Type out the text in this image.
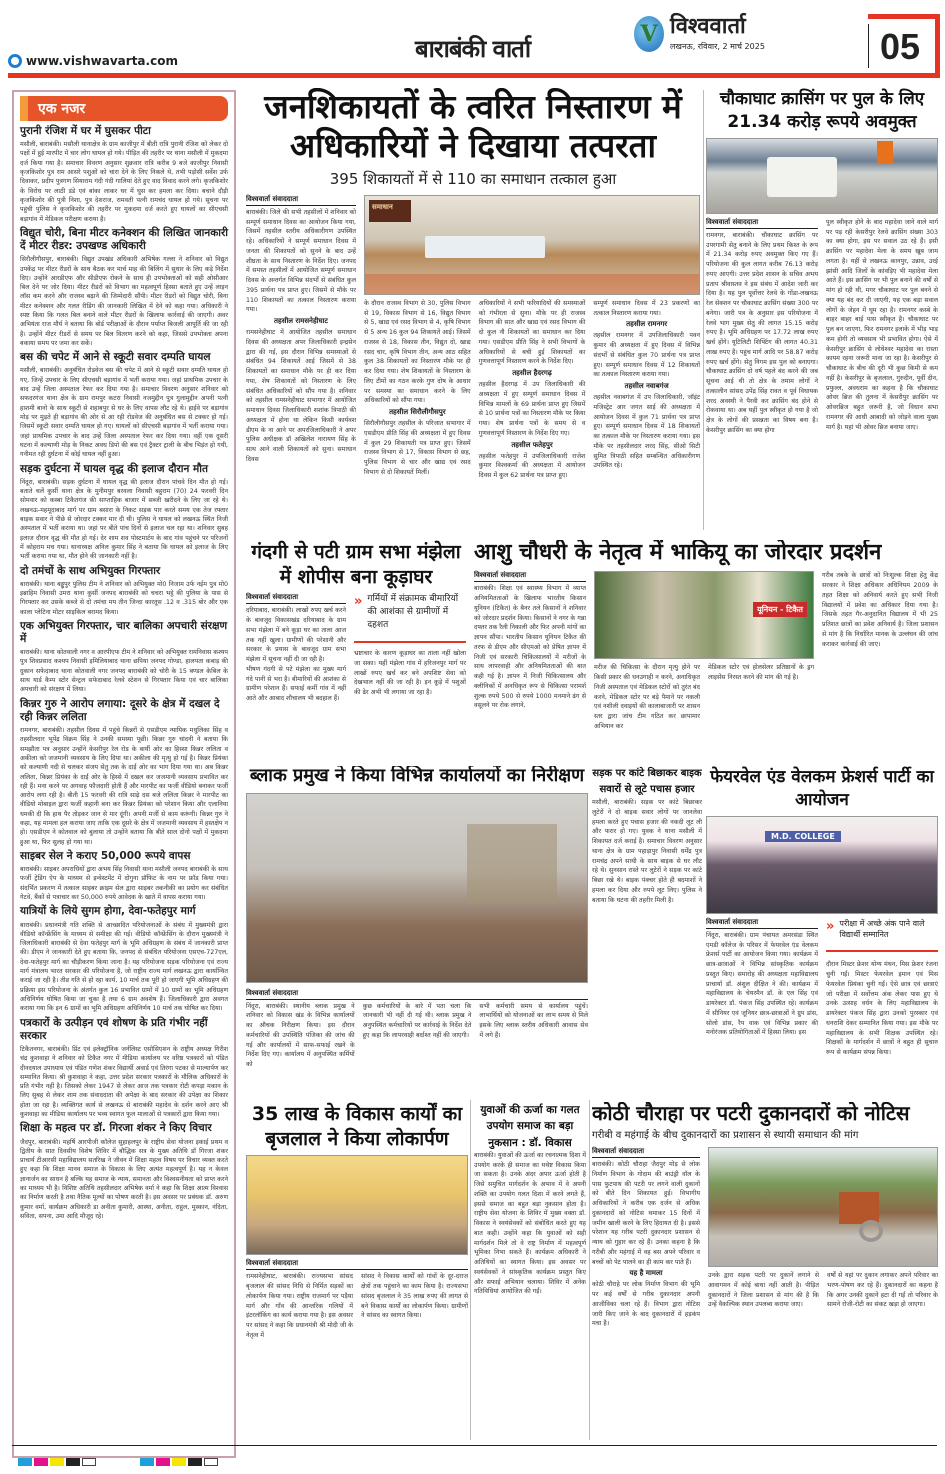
www.vishwavarta.com	बाराबंकी वार्ता
V विश्ववार्ता
लखनऊ, रविवार, 2 मार्च 2025	05
एक नजर
पुरानी रंजिश में घर में घुसकर पीटा

मसौली, बाराबंकी। मसौली थानाक्षेत्र के ग्राम काजीपुर में बीती रात्रि पुरानी रंजिश को लेकर दो पक्षों में हुई मारपीट में चार लोग घायल हो गये। पीड़ित की तहरीर पर थाना मसौली में मुकदमा दर्ज किया गया है। समाचार विवरण अनुसार शुक्रवार रात्रि करीब 9 बजे काजीपुर निवासी कृजकिशोर पुत्र राम आसरे पशुओं को चारा देने के लिए निकले थे, तभी पड़ोसी सर्वेश उर्फ दिवाकर, प्रदीप पुत्रगण सियाराम गंदी गंदी गालियां देते हुए वाद विवाद करने लगे। कृजकिशोर के विरोध पर लाठी डंडे एवं बांका लाकर घर में घुस कर हमला कर दिया। बचाने दौड़ी कृजकिशोर की पुत्री निशा, पुत्र देशराज, रामवती पत्नी रामचंद घायल हो गये। सूचना पर पहुंची पुलिस ने कृजकिशोर की तहरीर पर मुकदमा दर्ज करते हुए घायलों का सीएचसी बड़ागांव में मेडिकल परीक्षण कराया है।

विद्युत चोरी, बिना मीटर कनेक्शन की लिखित जानकारी दें मीटर रीडर: उपखण्ड अधिकारी

सिरौलीगौसपुर, बाराबंकी। विद्युत उपखंड अधिकारी अभिषेक गल्ला ने शनिवार को विद्युत उपकेंद्र पर मीटर रीडरों के साथ बैठक कर मार्च माह की बिलिंग में सुधार के लिए कड़े निर्देश दिए। उन्होंने आरडीएफ और सीडीएफ रोकने के साथ ही उपभोक्ताओं को सही ओसीआर बिल देने पर जोर दिया। मीटर रीडरों को विभाग का महत्वपूर्ण हिस्सा बताते हुए उन्हें लाइन लॉस कम करने और राजस्व बढ़ाने की जिम्मेदारी सौंपी। मीटर रीडरों को विद्युत चोरी, बिना मीटर कनेक्शन और गलत रीडिंग की जानकारी लिखित में देने को कहा गया। अधिकारी ने स्पष्ट किया कि गलत बिल बनाने वाले मीटर रीडरों के खिलाफ कार्रवाई की जाएगी। अवर अभियंता राज मौर्य ने बताया कि बोर्ड परीक्षाओं के दौरान पर्याप्त बिजली आपूर्ति की जा रही है। उन्होंने मीटर रीडरों से समय पर बिल वितरण करने को कहा, जिससे उपभोक्ता अपना बकाया समय पर जमा कर सकें।

बस की चपेट में आने से स्कूटी सवार दम्पति घायल

मसौली, बाराबंकी। अनुबंधित रोडवेज बस की चपेट में आने से स्कूटी सवार दम्पति घायल हो गए, जिन्हें उपचार के लिए सीएचसी बड़ागांव में भर्ती कराया गया। जहां प्राथमिक उपचार के बाद उन्हें जिला अस्पताल रेफर कर दिया गया है। समाचार विवरण अनुसार शनिवार को सफदरगंज थाना क्षेत्र के ग्राम रामपुर कटरा निवासी नजमुद्दीन पुत्र गुलामुद्दीन अपनी पत्नी हाशमी बानो के साथ स्कूटी से शहाबपुर से घर के लिए वापस लौट रहे थे। हाईवे पर बड़ागांव मोड़ पर मुड़ते ही बड़ागांव की ओर से आ रही रोडवेज की अनुबंधित बस से टक्कर हो गई। जिसमें स्कूटी सवार दम्पति घायल हो गए। घायलों को सीएचसी बड़ागांव में भर्ती कराया गया। जहां प्राथमिक उपचार के बाद उन्हें जिला अस्पताल रेफर कर दिया गया। वहीं एक दूसरी घटना में कल्याणी मोड़ के निकट अवध डिपो की बस एवं ट्रैक्टर ट्राली के बीच भिड़ंत हो गयी, गनीमत रही दुर्घटना में कोई घायल नहीं हुआ।

सड़क दुर्घटना में घायल वृद्ध की इलाज दौरान मौत

निंदूरा, बाराबंकी। सड़क दुर्घटना में घायल वृद्ध की इलाज दौरान पांचवे दिन मौत हो गई। बताते चलें कुर्सी थाना क्षेत्र के मुनीमपुर बरवला निवासी बहुराम (70) 24 फरवरी दिन सोमवार को कस्बा टिकैतगंज की साप्ताहिक बाजार में सब्जी खरीदने के लिए जा रहे थे। लखनऊ-महमूदाबाद मार्ग पर ग्राम बसारा के निकट सड़क पार करते समय एक तेज रफ्तार बाइक सवार ने पीछे से जोरदार टक्कर मार दी थी। पुलिस ने घायल को लखनऊ स्थित निजी अस्पताल में भर्ती कराया था। जहां पर बीते पांच दिनों से इलाज चल रहा था। शनिवार सुबह इलाज दौरान वृद्ध की मौत हो गई। देर शाम शव पोस्टमार्टम के बाद गांव पहुंचने पर परिजनों में कोहराम मच गया। थानाध्यक्ष अनिल कुमार सिंह ने बताया कि घायल को इलाज के लिए भर्ती कराया गया था, मौत होने की जानकारी नहीं है।

दो तमंचों के साथ अभियुक्त गिरफ्तार

बाराबंकी। थाना बड्डूपुर पुलिस टीम ने शनिवार को अभियुक्त मो0 निजाम उर्फ नईम पुत्र मो0 इब्राहिम निवासी उमरा थाना कुर्सी जनपद बाराबंकी को चचरा भट्ठे की पुलिया के पास से गिरफ्तार कर उसके कब्जे से दो तमंचा मय तीन जिन्दा कारतूस .12 व .315 बोर और एक काला प्लेटिना मोटर साइकिल बरामद किया।

एक अभियुक्त गिरफ्तार, चार बालिका अपचारी संरक्षण में

बाराबंकी। थाना कोतवाली नगर व आरपीएफ टीम ने शनिवार को अभियुक्त रामनिवास कश्यप पुत्र शिवप्रसाद कश्यप निवासी इमिलियाबाद थाना छपिया जनपद गोण्डा, हालपता कबाड़ की दुकान सफेदाबाद थाना कोतवाली नगर जनपद बाराबंकी को चोरी के 15 बण्डल केबिल के साथ यार्ड कैम्प स्टोर सेन्ट्रल सफेदाबाद रेलवे स्टेशन से गिरफ्तार किया एवं चार बालिका अपचारी को संरक्षण में लिया।

किन्नर गुरु ने आरोप लगाया: दूसरे के क्षेत्र में दखल दे रही किन्नर ललिता

रामनगर, बाराबंकी। तहसील दिवस में पहुंचे किन्नरों से एसडीएम न्यायिक मधुलिका सिंह व तहसीलदार भूपेंद्र विक्रम सिंह ने उनकी समस्या पूछी। किन्नर गुरु चांदनी ने बताया कि समझौता पत्र अनुसार उन्होंने केसरीपुर रेल रोड के बायीं ओर का हिस्सा किन्नर ललिता व अकीला को जजमानी व्यवसाय के लिए दिया था। अकीला की मृत्यु हो गई है। किन्नर प्रियंका को कल्याणी नदी से चलकर संजय सेतु तक के दाईं ओर का भाग दिया गया था। अब किन्नर ललिता, किन्नर प्रियंका के दाईं ओर के हिस्से में दखल कर जजमानी व्यवसाय प्रभावित कर रही हैं। मना करने पर अगवाह फौजदारी होती हैं और मारपीट का फर्जी वीडियो बनाकर फर्जी आरोप लगा रही है। बीती 15 फरवरी की रात्रि साढ़े दस बजे ललिता किन्नर ने मारपीट का वीडियो मोबाइल द्वारा फर्जी कहानी बना कर किन्नर प्रियंका को परेशान किया और एलानिया धमकी दी कि हाथ पैर तोड़कर जान से मार दूंगी। अपनी मर्जी से काम करूंगी। किन्नर गुरु ने कहा, यह मामला हल कराया जाए ताकि एक दूसरे के क्षेत्र में जजमानी व्यवसाय में हस्तक्षेप न हो। एसडीएम ने कोतवाल को बुलाया तो उन्होंने बताया कि बीते साल दोनो पक्षों में मुकदमा हुआ था, फिर सुलह हो गया था।

साइबर सेल ने कराए 50,000 रूपये वापस

बाराबंकी। साइबर अपराधियों द्वारा अभय सिंह निवासी थाना मसौली जनपद बाराबंकी के साथ फर्जी ट्रेडिंग ऐप के माध्यम से इन्वेस्टमेंट में दोगुना प्रॉफिट के नाम पर फ्रॉड किया गया। संदर्भित प्रकरण में तत्काल साइबर क्राइम सेल द्वारा साइबर तकनीकी का प्रयोग कर संबंधित गेटवे, बैंकों से पत्राचार कर 50,000 रुपये आवेदक के खाते में वापस कराया गया।

यात्रियों के लिये सुगम होगा, देवा-फतेहपुर मार्ग

बाराबंकी। प्रधानमंत्री गति शक्ति से आच्छादित परियोजनाओं के संबंध में मुख्यमंत्री द्वारा वीडियो कॉन्फ्रेंसिंग के माध्यम से समीक्षा की गई। वीडियो कॉन्फ्रेंसिंग के दौरान मुख्यमंत्री ने जिलाधिकारी बाराबंकी से देवा फतेहपुर मार्ग के भूमि अधिग्रहण के संबंध में जानकारी प्राप्त की। डीएम ने जानकारी देते हुए बताया कि, जनपद से संबंधित परियोजना एसएच-727एल, देवा-फतेहपुर मार्ग का चौड़ीकरण किया जाना है। यह परियोजना सड़क परियोजना एवं राज्य मार्ग मंत्रालय भारत सरकार की परियोजना है, जो राष्ट्रीय राज्य मार्ग लखनऊ द्वारा कार्यान्वित कराई जा रही है। तीव्र गति से हो रहा कार्य, 10 मार्च तक पूरी हो जाएगी भूमि अधिग्रहण की प्रक्रिया इस परियोजना के अंतर्गत कुल 16 प्रभावित ग्रामों में 10 ग्रामों का भूमि अधिग्रहण अधिनिर्णय घोषित किया जा चुका है तथा 6 ग्राम अवशेष हैं। जिलाधिकारी द्वारा अवगत कराया गया कि इन 6 ग्रामों का भूमि अधिग्रहण अधिनिर्णय 10 मार्च तक घोषित कर दिया।

पत्रकारों के उत्पीड़न एवं शोषण के प्रति गंभीर नहीं सरकार

टिकैतनगर, बाराबंकी। प्रिंट एवं इलेक्ट्रॉनिक जर्नलिस्ट एसोसिएशन के राष्ट्रीय अध्यक्ष गिरीश चंद्र कुशवाहा ने शनिवार को टिकैत नगर में मीडिया कार्यालय पर वरिष्ठ पत्रकारों को पंडित दीनदयाल उपाध्याय एवं पंडित गणेश शंकर विद्यार्थी अवार्ड एवं तिरंगा पटका से माल्यार्पण कर सम्मानित किया। श्री कुशवाहा ने कहा, उत्तर प्रदेश सरकार पत्रकारों के मौलिक अधिकारों के प्रति गंभीर नहीं है। जिसको लेकर 1947 से लेकर आज तक पत्रकार रोटी कपड़ा मकान के लिए सुबह से लेकर शाम तक संवाददाता की अपेक्षा के बाद सरकार की उपेक्षा का शिकार होता जा रहा है। व्यक्तिगत कार्य से लखनऊ से बाराबंकी महादेव के दर्शन करने आए श्री कुशवाहा का मीडिया कार्यालय पर भव्य स्वागत फूल मालाओं से पत्रकारों द्वारा किया गया।

शिक्षा के महत्व पर डॉ. गिरजा शंकर ने किए विचार

जैदपुर, बाराबंकी। महर्षि आरपीजी कॉलेज सुहाहलपुर के राष्ट्रीय सेवा योजना इकाई प्रथम व द्वितीय के सात दिवसीय विशेष शिविर में बौद्धिक सत्र के मुख्य अतिथि डॉ गिरजा शंकर प्राचार्य टीआरसी महाविद्यालय सतरिख ने जीवन में शिक्षा महत्व विषय पर विचार व्यक्त करते हुए कहा कि शिक्षा मानव समाज के विकास के लिए अत्यंत महत्वपूर्ण है। यह न केवल ज्ञानार्जन का साधन है बल्कि यह समाज के न्याय, समानता और विश्वसनीयता को प्राप्त करने का माध्यम भी है। विशिष्ट अतिथि तहसीलदार अभिषेक वर्मा ने कहा कि शिक्षा आत्म विश्वास का निर्माण करती है तथा नैतिक मूल्यों का पोषण करती है। इस अवसर पर प्रबंधक डॉ. अरुण कुमार वर्मा, कार्यक्रम अधिकारी डा अनीता कुमारी, आस्था, अनीता, राहुल, मुस्कान, नंदिता, सविता, सपना, उमा आदि मौजूद रहे।

जनशिकायतों के त्वरित निस्तारण में अधिकारियों ने दिखाया तत्परता
395 शिकायतों में से 110 का समाधान तत्काल हुआ
विश्ववार्ता संवाददाता
बाराबंकी। जिले की सभी तहसीलों में शनिवार को सम्पूर्ण समाधान दिवस का आयोजन किया गया, जिसमें तहसील स्तरीय अधिकारीगण उपस्थित रहे। अधिकारियों ने सम्पूर्ण समाधान दिवस में जनता की शिकायतों को सुनने के बाद उन्हें शीघ्रता के साथ निस्तारण के निर्देश दिए। जनपद में समस्त तहसीलों में आयोजित सम्पूर्ण समाधान दिवस के अन्तर्गत विभिन्न संदर्भों से संबंधित कुल 395 प्रार्थना पत्र प्राप्त हुए। जिसमें से मौके पर 110 शिकायतों का तत्काल निस्तारण कराया गया।
तहसील रामसनेहीघाट
रामसनेहीघाट में आयोजित तहसील समाधान दिवस की अध्यक्षता अपर जिलाधिकारी इन्द्रसेन द्वारा की गई, इस दौरान विभिन्न समस्याओं से संबंधित 94 शिकायतें आई जिसमें से 38 शिकायतों का समाधान मौके पर ही कर दिया गया, शेष शिकायतों को निस्तारण के लिए संबंधित अधिकारियों को सौंप गया है। शनिवार को तहसील रामसनेहीघाट सभागार में आयोजित समाधान दिवस जिलाधिकारी शशांक त्रिपाठी की अध्यक्षता में होना था लेकिन किसी कार्यवश डीएम के ना आने पर अपरजिलाधिकारी ने अपर पुलिस अधीक्षक डॉ अखिलेश नारायण सिंह के साथ आने वाली शिकायतों को सुना। समाधान दिवस
समाधान
के दौरान राजस्व विभाग से 30, पुलिस विभाग से 19, विकास विभाग से 16, विद्युत विभाग से 5, खाद्य एवं रसद विभाग से 4, कृषि विभाग से 5 अन्य 16 कुल 94 शिकायतें आई। जिसमें राजस्व से 18, विकास तीन, विद्युत दो, खाद्य रसद चार, कृषि विभाग तीन, अन्य आठ सहित कुल 38 शिकायतों का निस्तारण मौके पर ही कर दिया गया। शेष शिकायतों के निस्तारण के लिए टीमों का गठन करके गुण दोष के आधार पर समस्या का समाधान करने के लिए अधिकारियों को सौंपा गया।
तहसील सिरौलीगौसपुर
सिरौलीगौसपुर तहसील के परिजात सभागार में एसडीएम प्रीति सिंह की अध्यक्षता में हुए दिवस में कुल 29 शिकायती पत्र प्राप्त हुए। जिसमें राजस्व विभाग से 17, विकास विभाग से छह, पुलिस विभाग से चार और खाद्य एवं रसद विभाग से दो शिकायतें मिलीं।
अधिकारियों ने सभी फरियादियों की समस्याओं को गंभीरता से सुना। मौके पर ही राजस्व विभाग की सात और खाद्य एवं रसद विभाग की दो कुल नौ शिकायतों का समाधान कर दिया गया। एसडीएम प्रीति सिंह ने सभी विभागों के अधिकारियों से बची हुई शिकायतों का गुणवत्तापूर्ण निस्तारण करने के निर्देश दिए।
तहसील हैदरगढ़
तहसील हैदरगढ़ में उप जिलाधिकारी की अध्यक्षता में हुए सम्पूर्ण समाधान दिवस में विभिन्न मामलों के 69 प्रार्थना प्राप्त हुए जिसमें से 10 प्रार्थना पत्रों का निस्तारण मौके पर किया गया। शेष प्रार्थना पत्रों के समय से व गुणवत्तापूर्ण निस्तारण के निर्देश दिए गए।
तहसील फतेहपुर
तहसील फतेहपुर में उपजिलाधिकारी राजेश कुमार विश्वकर्मा की अध्यक्षता में आयोजन दिवस में कुल 62 प्रार्थना पत्र प्राप्त हुए।
सम्पूर्ण समाधान दिवस में 23 प्रकरणों का तत्काल निस्तारण कराया गया।
तहसील रामनगर
तहसील रामनगर में उपजिलाधिकारी पवन कुमार की अध्यक्षता में हुए दिवस में विभिन्न संदर्भों से संबंधित कुल 70 प्रार्थना पत्र प्राप्त हुए। सम्पूर्ण समाधान दिवस में 12 शिकायतों का तत्काल निस्तारण कराया गया।
तहसील नवाबगंज
तहसील नवाबगंज में उप जिलाधिकारी, जॉइंट मजिस्ट्रेट आर जगत साई की अध्यक्षता में आयोजन दिवस में कुल 71 प्रार्थना पत्र प्राप्त हुए। सम्पूर्ण समाधान दिवस में 18 शिकायतों का तत्काल मौके पर निस्तारण कराया गया। इस मौके पर तहसीलदार शरद सिंह, सीओ सिटी सुमित त्रिपाठी सहित सम्बन्धित अधिकारीगण उपस्थित रहे।
चौकाघाट क्रासिंग पर पुल के लिए 21.34 करोड़ रूपये अवमुक्त
विश्ववार्ता संवाददाता
रामनगर, बाराबंकी। चौकाघाट क्रासिंग पर उपरगामी सेतु बनाने के लिए प्रथम किश्त के रूप में 21.34 करोड़ रुपए अवमुक्त किए गए हैं। परियोजना की कुल लागत करीब 76.13 करोड़ रुपए आएगी। उत्तर प्रदेश शासन के सचिव अभय प्रताप श्रीवास्तव ने इस संबंध में आदेश जारी कर दिया है। यह पुल पूर्वोत्तर रेलवे के गोंडा-लखनऊ रेल सेक्शन पर चौकाघाट क्रासिंग संख्या 300 पर बनेगा। जारी पत्र के अनुसार इस परियोजना में रेलवे भाग मुख्य सेतु की लागत 15.15 करोड़ रुपए है। भूमि अधिग्रहण पर 17.72 लाख रुपए खर्च होंगे। यूटिलिटी शिफ्टिंग की लागत 40.31 लाख रुपए है। पहुंच मार्ग आदि पर 58.87 करोड़ रुपए खर्च होंगे। सेतु निगम इस पुल को बनाएगा। चौकाघाट क्रासिंग दो वर्ष पहले बंद करने की जब सूचना आई थी तो क्षेत्र के तमाम लोगों ने तत्कालीन सांसद उपेंद्र सिंह रावत व पूर्व विधायक शरद अवस्थी ने पैरवी कर क्रासिंग बंद होने से रोकवाया था। अब यहीं पुल स्वीकृत हो गया है जो क्षेत्र के लोगों की प्रसन्नता का विषय बना है। केसरीपुर क्रासिंग का क्या होगा
पुल स्वीकृत होने के बाद महादेवा जाने वाले मार्ग पर पड़ रही केसरीपुर रेलवे क्रासिंग संख्या 303 का क्या होगा, इस पर सवाल उठ रहे हैं। इसी क्रासिंग पर महादेवा मेला के समय खूब जाम लगता है। यहीं से लखनऊ कानपुर, उन्नाव, उरई झांसी आदि जिलों के कांवड़िए भी महादेवा मेला आते हैं। इस क्रासिंग पर भी पुल बनाने की वर्षों से मांग हो रही थी, मगर चौकाघाट पर पुल बनने से क्या यह बंद कर दी जाएगी, यह एक बड़ा सवाल लोगों के जेहन में घूम रहा है। रामनगर कस्बे के बाहर बाहर बाई पास स्वीकृत है। चौकाघाट पर पुल बन जाएगा, फिर रामनगर इलाके में भीड़ भाड़ कम होगी तो व्यवसाय भी प्रभावित होगा। ऐसे में केसरीपुर क्रासिंग से लोधेश्वर महादेवा का रास्ता कायम रहना जरूरी माना जा रहा है। केसरीपुर से चौकाघाट के बीच की दूरी भी कुछ किमी से कम नहीं है। केसरीपुर के बृजलाल, गुरुदीन, पूर्वी दीन, प्रफुल्ल, अवधराम का कहना है कि चौकाघाट ओवर ब्रिज की तुलना में केसरीपुर क्रासिंग पर ओवरब्रिज बहुत जरूरी है, जो विधान सभा रामनगर की आधी आबादी को जोड़ने वाला मुख्य मार्ग है। यहां भी ओवर ब्रिज बनाया जाए।
गंदगी से पटी ग्राम सभा मंझेला में शोपीस बना कूड़ाघर
विश्ववार्ता संवाददाता
दरियाबाद, बाराबंकी। लाखों रुपए खर्च करने के बावजूद विकासखंड दरियाबाद के ग्राम सभा मंझेला में बने कूड़ा घर का ताला आज तक नहीं खुला। ग्रामीणों की परेशानी और सरकार के प्रयास के बावजूद ग्राम सभा मंझेला में सूचना नहीं दी जा रही है।
भीषण गंदगी से पटे मंझेला का मुख्य मार्ग गंदे पानी से भरा है। बीमारियों की आशंका से ग्रामीण परेशान हैं। सफाई कर्मी गांव में नहीं आते और आबाद शौचालय भी बदहाल हैं।
» गर्मियों में संक्रामक बीमारियों की आशंका से ग्रामीणों में दहशत
भ्रष्टाचार के कारण कूड़ाघर का ताला नहीं खोला जा सका। यहीं मंझेला गांव में हरिजनपुर मार्ग पर लाखों रुपए खर्च कर बने अपशिष्ट सेवा को देखभाल नहीं की जा रही है। इन कूड़े में पशुओं की ढेर अभी भी लगाया जा रहा है।
आशु चौधरी के नेतृत्व में भाकियू का जोरदार प्रदर्शन
विश्ववार्ता संवाददाता
बाराबंकी। शिक्षा एवं स्वास्थ्य विभाग में व्याप्त अनियमितताओं के खिलाफ भारतीय किसान यूनियन (टिकैत) के बैनर तले किसानों ने शनिवार को जोरदार प्रदर्शन किया। किसानों ने नगर के गन्ना दफ्तर तक रैली निकाली और फिर अपनी मांगों का ज्ञापन सौंपा। भारतीय किसान यूनियन टिकैत की तरफ से डीएम और सीएमओ को प्रेषित ज्ञापन में निजी एवं सरकारी चिकित्सालयों में मरीजों के साथ लापरवाही और अनियमितताओं की बात कही गई है। ज्ञापन में निजी चिकित्सालय और क्लीनिकों में अनधिकृत रूप से चिकित्सा परामर्श शुल्क रुपये 500 से रुपये 1000 मनमाने ढंग से वसूलने पर रोक लगाने,
यूनियन - टिकैत
मरीज की चिकित्सा के दौरान मृत्यु होने पर किसी प्रकार की धनउगाही न करने, अनाधिकृत निजी अस्पताल एवं मेडिकल स्टोरों को तुरंत बंद करने, मेडिकल स्टोर पर बड़े पैमाने पर नकली एवं नशीली दवाइयों की कालाबाजारी पर शासन स्तर द्वारा जांच टीम गठित कर छापामार अभियान कर
मेडिकल स्टोर एवं होलसेलर प्रतिष्ठानों के ड्रग लाइसेंस निरस्त करने की मांग की गई है।
गरीब तबके के छात्रों को निःशुल्क शिक्षा हेतु केंद्र सरकार ने शिक्षा अधिकार अधिनियम 2009 के तहत शिक्षा को अनिवार्य करते हुए सभी निजी विद्यालयों में प्रवेश का अधिकार दिया गया है। जिसके तहत गैर-अनुदानित विद्यालय में भी 25 प्रतिशत छात्रों का प्रवेश अनिवार्य है। जिला प्रशासन से मांग है कि निर्धारित मानक के उल्लंघन की जांच कराकर कार्रवाई की जाए।
ब्लाक प्रमुख ने किया विभिन्न कार्यालयों का निरीक्षण
विश्ववार्ता संवाददाता
निंदूरा, बाराबंकी। स्थानीय ब्लाक प्रमुख ने शनिवार को विकास खंड के विभिन्न कार्यालयों का औचक निरीक्षण किया। इस दौरान कर्मचारियों की उपस्थिति पंजिका की जांच की गई और कार्यालयों में साफ-सफाई रखने के निर्देश दिए गए। कार्यालय में अनुपस्थित कर्मियों को
कुछ कर्मचारियों के बारे में पता चला कि जानकारी भी नहीं दी गई थी। ब्लाक प्रमुख ने अनुपस्थित कर्मचारियों पर कार्रवाई के निर्देश देते हुए कहा कि लापरवाही बर्दाश्त नहीं की जाएगी।
सभी कर्मचारी समय से कार्यालय पहुंचें। लाभार्थियों को योजनाओं का लाभ समय से मिले इसके लिए ब्लाक स्तरीय अधिकारी आवास सेव में लगे हैं।
सड़क पर कांटे बिछाकर बाइक सवारों से लूटे पचास हजार
मसौली, बाराबंकी। सड़क पर कांटे बिछाकर लुटेरों ने दो बाइक सवार लोगों पर जानलेवा हमला करते हुए पचास हजार की नकदी लूट ली और फरार हो गए। युवक ने थाना मसौली में शिकायत दर्ज कराई है। समाचार विवरण अनुसार थाना क्षेत्र के ग्राम पहाड़ापुर निवासी धर्मेंद्र पुत्र रामचंद्र अपने साथी के साथ बाइक से घर लौट रहे थे। सुनसान रास्ते पर लुटेरों ने सड़क पर कांटे बिछा रखे थे। बाइक पंक्चर होते ही बदमाशों ने हमला कर दिया और रुपये लूट लिए। पुलिस ने बताया कि घटना की तहरीर मिली है।
फेयरवेल एंड वेलकम फ्रेशर्स पार्टी का आयोजन
M.D. COLLEGE
विश्ववार्ता संवाददाता
निंदूरा, बाराबंकी। ग्राम पंचायत अमरसंडा स्थित एमडी कॉलेज के परिसर में फेयरवेल एंड वेलकम फ्रेशर्स पार्टी का आयोजन किया गया। कार्यक्रम में छात्र-छात्राओं ने विभिन्न सांस्कृतिक कार्यक्रम प्रस्तुत किए। समारोह की अध्यक्षता महाविद्यालय प्राचार्या डॉ. अंशुल दीक्षित ने की। कार्यक्रम में महाविद्यालय के चेयरमैन डॉ. के एल सिंह एवं डायरेक्टर डॉ. पंकज सिंह उपस्थित रहे। कार्यक्रम में सीनियर एवं जूनियर छात्र-छात्राओं ने ग्रुप डांस, सोलो डांस, रैप वाक एवं विभिन्न प्रकार की मनोरंजक प्रतियोगिताओं में हिस्सा लिया। इस
» परीक्षा में अच्छे अंक पाने वाले विद्यार्थी सम्मानित
दौरान मिस्टर फ्रेशर योग्य मंथन, मिस फ्रेशर रंजना चुनी गईं। मिस्टर फेयरवेल इमान एवं मिस फेयरवेल प्रियंका चुनी गईं। ऐसे छात्र एवं छात्राएं जो परीक्षा में सर्वोत्तम अंक लेकर पास हुए थे उनके उत्साह वर्धन के लिए महाविद्यालय के डायरेक्टर पंकज सिंह द्वारा उनको पुरस्कार एवं धनराशि देकर सम्मानित किया गया। इस मौके पर महाविद्यालय के सभी शिक्षक उपस्थित रहे। शिक्षकों के मार्गदर्शन में छात्रों ने बहुत ही सुचारु रूप से कार्यक्रम संपन्न किया।
35 लाख के विकास कार्यों का बृजलाल ने किया लोकार्पण
विश्ववार्ता संवाददाता
रामसनेहीघाट, बाराबंकी। राज्यसभा सांसद बृजलाल की सांसद निधि से निर्मित सड़कों का लोकार्पण किया गया। राष्ट्रीय राजमार्ग पर पड़ैया मार्ग और गाँव की आन्तरिक गलियों में इंटरलॉकिंग का कार्य कराया गया है। इस अवसर पर सांसद ने कहा कि प्रधानमंत्री श्री मोदी जी के नेतृत्व में
सांसद ने विकास कार्यों को गांवों के दूर-दराज क्षेत्रों तक पहुंचाने का काम किया है। राज्यसभा सांसद बृजलाल ने 35 लाख रुपए की लागत से बने विकास कार्यों का लोकार्पण किया। ग्रामीणों ने सांसद का स्वागत किया।
युवाओं की ऊर्जा का गलत उपयोग समाज का बड़ा नुकसान : डॉ. विकास
बाराबंकी। युवाओं की ऊर्जा का रचनात्मक दिशा में उपयोग करके ही समाज का यथेष्ट विकास किया जा सकता है। उनके अंदर अपार ऊर्जा होती है जिसे समुचित मार्गदर्शन के अभाव में वे अपनी शक्ति का उपयोग गलत दिशा में करने लगते हैं, इससे समाज का बहुत बड़ा नुकसान होता है। राष्ट्रीय सेवा योजना के शिविर में मुख्य वक्ता डॉ. विकास ने स्वयंसेवकों को संबोधित करते हुए यह बात कही। उन्होंने कहा कि युवाओं को सही मार्गदर्शन मिले तो वे राष्ट्र निर्माण में महत्वपूर्ण भूमिका निभा सकते हैं। कार्यक्रम अधिकारी ने अतिथियों का स्वागत किया। इस अवसर पर स्वयंसेवकों ने सांस्कृतिक कार्यक्रम प्रस्तुत किए और सफाई अभियान चलाया। शिविर में अनेक गतिविधियां आयोजित की गईं।
कोठी चौराहा पर पटरी दुकानदारों को नोटिस
गरीबी व महंगाई के बीच दुकानदारों का प्रशासन से स्थायी समाधान की मांग
विश्ववार्ता संवाददाता
बाराबंकी। कोठी चौराहा जैदपुर मोड़ से लोक निर्माण विभाग के गोदाम की बाउंड्री वॉल के पास फुटपाथ की पटरी पर लगने वाली दुकानों को बीते दिन शिकायत हुई। विभागीय अधिकारियों ने करीब एक दर्जन से अधिक दुकानदारों को नोटिस थमाकर 15 दिनों में जमीन खाली करने के लिए हिदायत दी है। इससे परेशान यह गरीब पटरी दुकानदार प्रशासन से न्याय को गुहार कर रहे हैं। उनका कहना है कि गरीबी और महंगाई में वह बस अपने परिवार व बच्चों को पेट पालने का ही काम कर पाते हैं।
यह है मामला
कोठी चौराहे पर लोक निर्माण विभाग की भूमि पर कई वर्षों से गरीब दुकानदार अपनी आजीविका चला रहे हैं। विभाग द्वारा नोटिस जारी किए जाने के बाद दुकानदारों में हड़कंप मचा है।
उनके द्वारा सड़क पटरी पर दुकानें लगाने से आवागमन में कोई बाधा नहीं आती है। पीड़ित दुकानदारों ने जिला प्रशासन से मांग की है कि उन्हें वैकल्पिक स्थान उपलब्ध कराया जाए।
वर्षों से यहां पर दुकान लगाकर अपने परिवार का भरण-पोषण कर रहे हैं। दुकानदारों का कहना है कि अगर उनकी दुकानें हटा दी गईं तो परिवार के सामने रोजी-रोटी का संकट खड़ा हो जाएगा।
